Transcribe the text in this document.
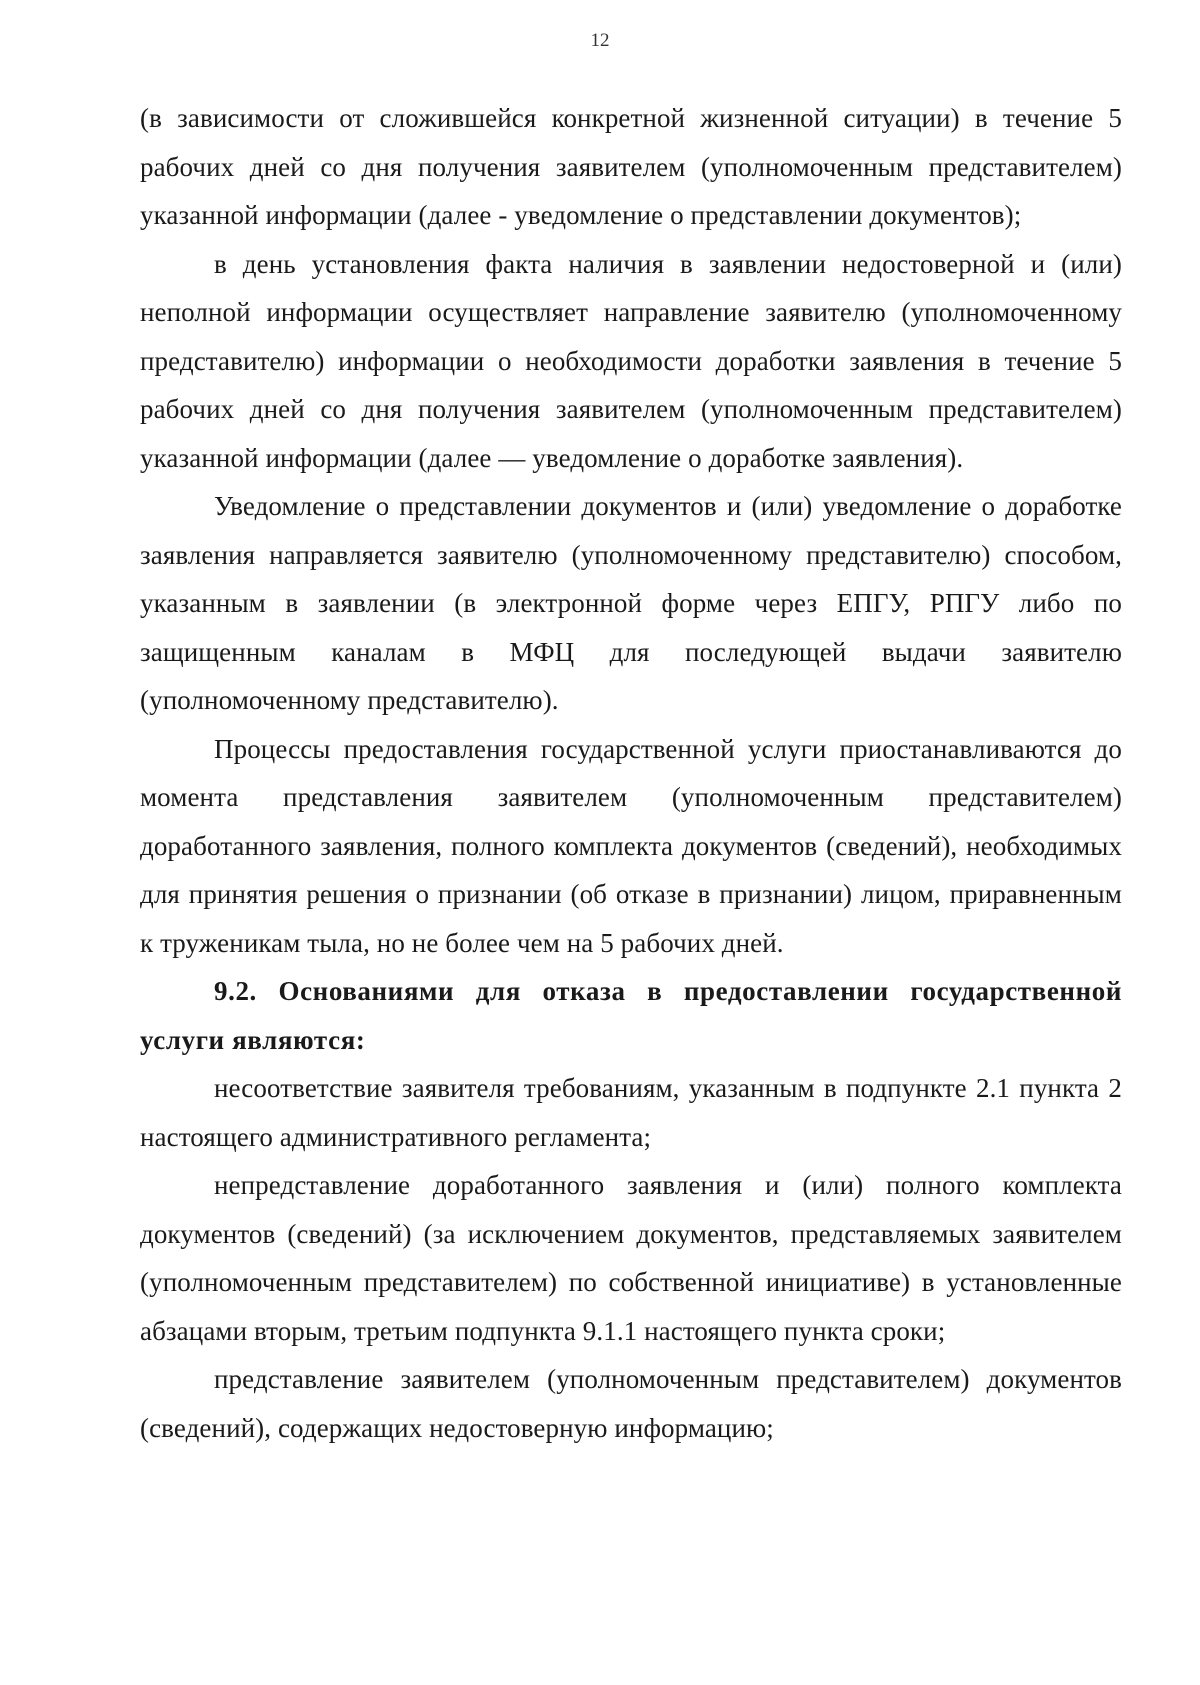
12

(в зависимости от сложившейся конкретной жизненной ситуации) в течение 5 рабочих дней со дня получения заявителем (уполномоченным представителем) указанной информации (далее - уведомление о представлении документов);

в день установления факта наличия в заявлении недостоверной и (или) неполной информации осуществляет направление заявителю (уполномоченному представителю) информации о необходимости доработки заявления в течение 5 рабочих дней со дня получения заявителем (уполномоченным представителем) указанной информации (далее — уведомление о доработке заявления).

Уведомление о представлении документов и (или) уведомление о доработке заявления направляется заявителю (уполномоченному представителю) способом, указанным в заявлении (в электронной форме через ЕПГУ, РПГУ либо по защищенным каналам в МФЦ для последующей выдачи заявителю (уполномоченному представителю).

Процессы предоставления государственной услуги приостанавливаются до момента представления заявителем (уполномоченным представителем) доработанного заявления, полного комплекта документов (сведений), необходимых для принятия решения о признании (об отказе в признании) лицом, приравненным к труженикам тыла, но не более чем на 5 рабочих дней.

9.2. Основаниями для отказа в предоставлении государственной услуги являются:

несоответствие заявителя требованиям, указанным в подпункте 2.1 пункта 2 настоящего административного регламента;

непредставление доработанного заявления и (или) полного комплекта документов (сведений) (за исключением документов, представляемых заявителем (уполномоченным представителем) по собственной инициативе) в установленные абзацами вторым, третьим подпункта 9.1.1 настоящего пункта сроки;

представление заявителем (уполномоченным представителем) документов (сведений), содержащих недостоверную информацию;
